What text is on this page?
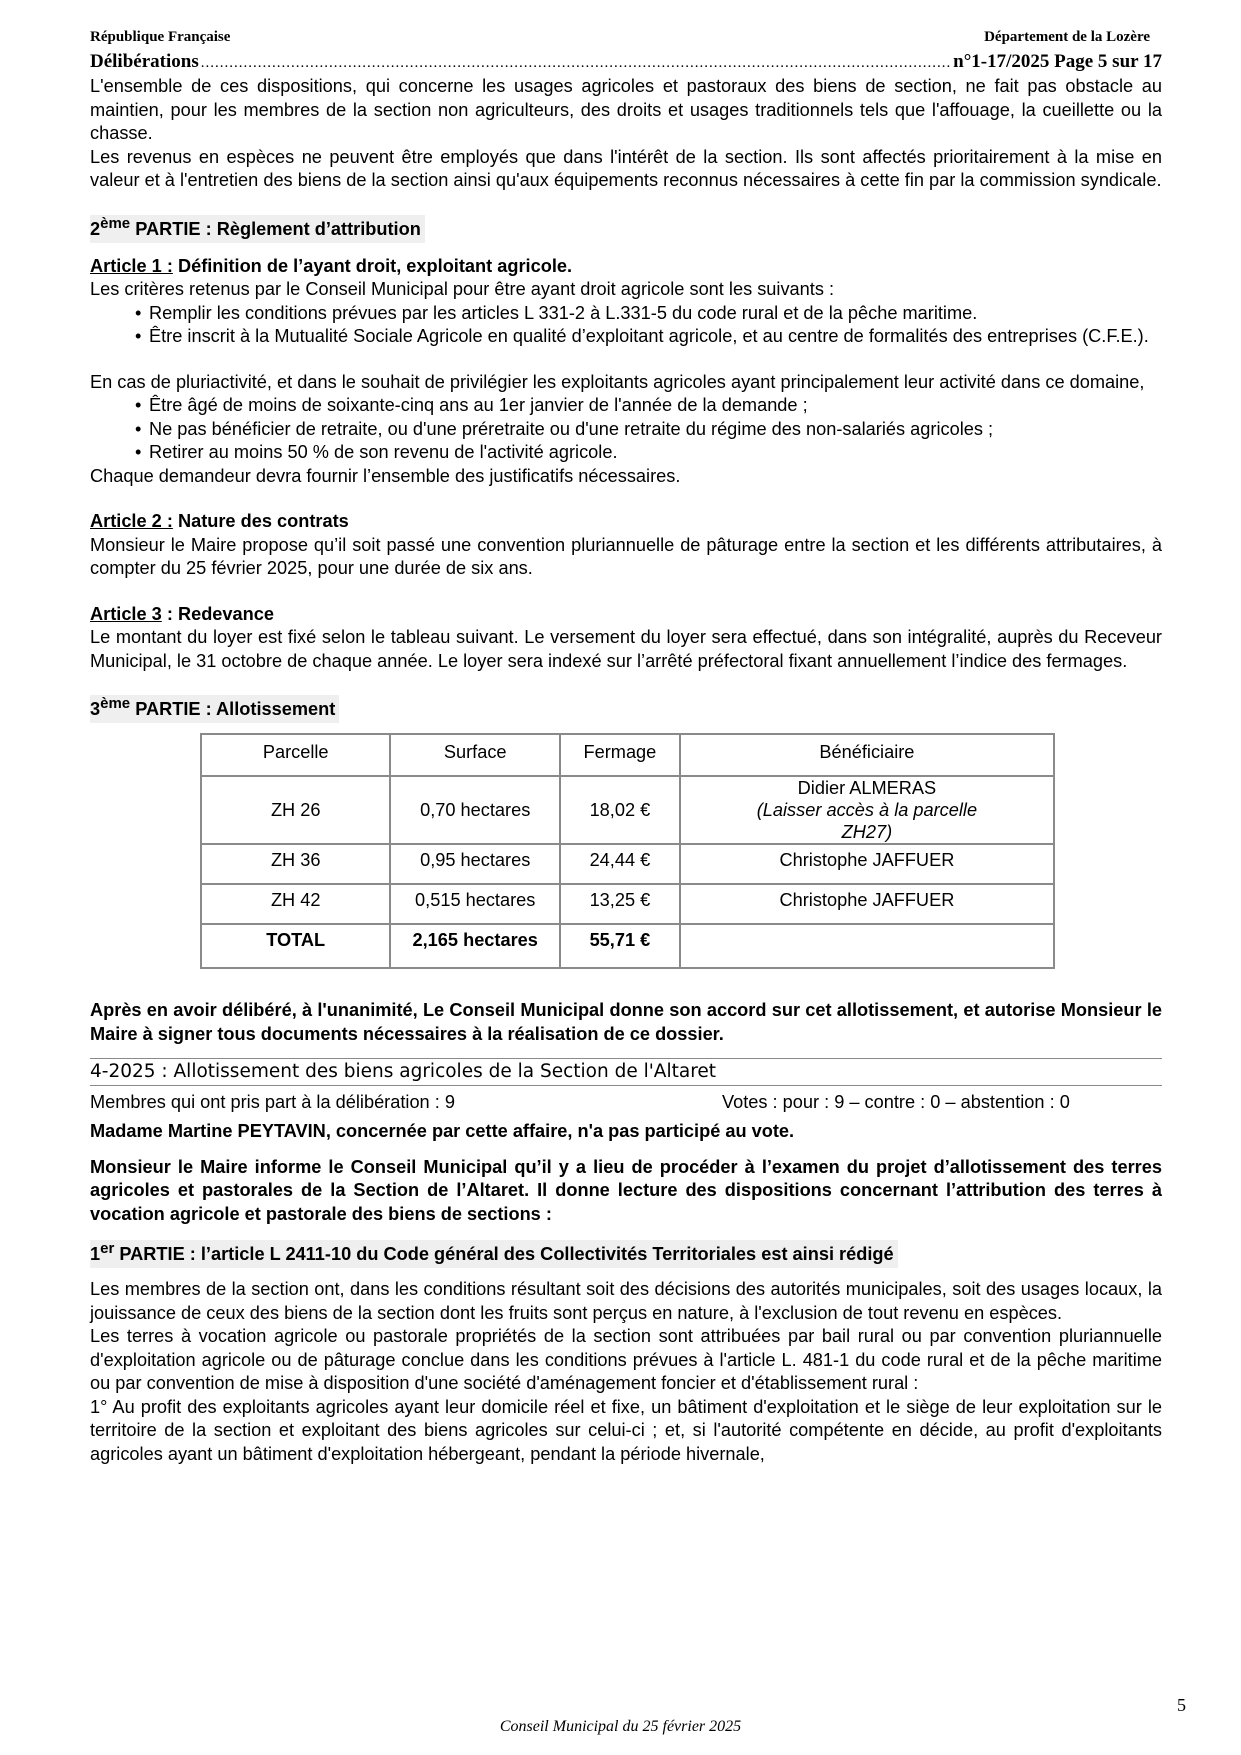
République Française	Département de la Lozère
Délibérations .....	n°1-17/2025 Page 5 sur 17

L'ensemble de ces dispositions, qui concerne les usages agricoles et pastoraux des biens de section, ne fait pas obstacle au maintien, pour les membres de la section non agriculteurs, des droits et usages traditionnels tels que l'affouage, la cueillette ou la chasse.

Les revenus en espèces ne peuvent être employés que dans l'intérêt de la section. Ils sont affectés prioritairement à la mise en valeur et à l'entretien des biens de la section ainsi qu'aux équipements reconnus nécessaires à cette fin par la commission syndicale.

2ème PARTIE : Règlement d’attribution

Article 1 : Définition de l’ayant droit, exploitant agricole.

Les critères retenus par le Conseil Municipal pour être ayant droit agricole sont les suivants :

• Remplir les conditions prévues par les articles L 331-2 à L.331-5 du code rural et de la pêche maritime.
• Être inscrit à la Mutualité Sociale Agricole en qualité d’exploitant agricole, et au centre de formalités des entreprises (C.F.E.).

En cas de pluriactivité, et dans le souhait de privilégier les exploitants agricoles ayant principalement leur activité dans ce domaine,

• Être âgé de moins de soixante-cinq ans au 1er janvier de l'année de la demande ;
• Ne pas bénéficier de retraite, ou d'une préretraite ou d'une retraite du régime des non-salariés agricoles ;
• Retirer au moins 50 % de son revenu de l'activité agricole.

Chaque demandeur devra fournir l’ensemble des justificatifs nécessaires.

Article 2 : Nature des contrats

Monsieur le Maire propose qu’il soit passé une convention pluriannuelle de pâturage entre la section et les différents attributaires, à compter du 25 février 2025, pour une durée de six ans.

Article 3 : Redevance

Le montant du loyer est fixé selon le tableau suivant. Le versement du loyer sera effectué, dans son intégralité, auprès du Receveur Municipal, le 31 octobre de chaque année. Le loyer sera indexé sur l’arrêté préfectoral fixant annuellement l’indice des fermages.

3ème PARTIE : Allotissement
Parcelle	Surface	Fermage	Bénéficiaire
ZH 26	0,70 hectares	18,02 €	Didier ALMERAS
(Laisser accès à la parcelle ZH27)

ZH 36	0,95 hectares	24,44 €	Christophe JAFFUER
ZH 42	0,515 hectares	13,25 €	Christophe JAFFUER
TOTAL	2,165 hectares	55,71 €	

Après en avoir délibéré, à l'unanimité, Le Conseil Municipal donne son accord sur cet allotissement, et autorise Monsieur le Maire à signer tous documents nécessaires à la réalisation de ce dossier.

4-2025 : Allotissement des biens agricoles de la Section de l'Altaret
Membres qui ont pris part à la délibération : 9	Votes : pour : 9 – contre : 0 – abstention : 0

Madame Martine PEYTAVIN, concernée par cette affaire, n'a pas participé au vote.

Monsieur le Maire informe le Conseil Municipal qu’il y a lieu de procéder à l’examen du projet d’allotissement des terres agricoles et pastorales de la Section de l’Altaret. Il donne lecture des dispositions concernant l’attribution des terres à vocation agricole et pastorale des biens de sections :

1er PARTIE : l’article L 2411-10 du Code général des Collectivités Territoriales est ainsi rédigé

Les membres de la section ont, dans les conditions résultant soit des décisions des autorités municipales, soit des usages locaux, la jouissance de ceux des biens de la section dont les fruits sont perçus en nature, à l'exclusion de tout revenu en espèces.

Les terres à vocation agricole ou pastorale propriétés de la section sont attribuées par bail rural ou par convention pluriannuelle d'exploitation agricole ou de pâturage conclue dans les conditions prévues à l'article L. 481-1 du code rural et de la pêche maritime ou par convention de mise à disposition d'une société d'aménagement foncier et d'établissement rural :

1° Au profit des exploitants agricoles ayant leur domicile réel et fixe, un bâtiment d'exploitation et le siège de leur exploitation sur le territoire de la section et exploitant des biens agricoles sur celui-ci ; et, si l'autorité compétente en décide, au profit d'exploitants agricoles ayant un bâtiment d'exploitation hébergeant, pendant la période hivernale,

5
Conseil Municipal du 25 février 2025
